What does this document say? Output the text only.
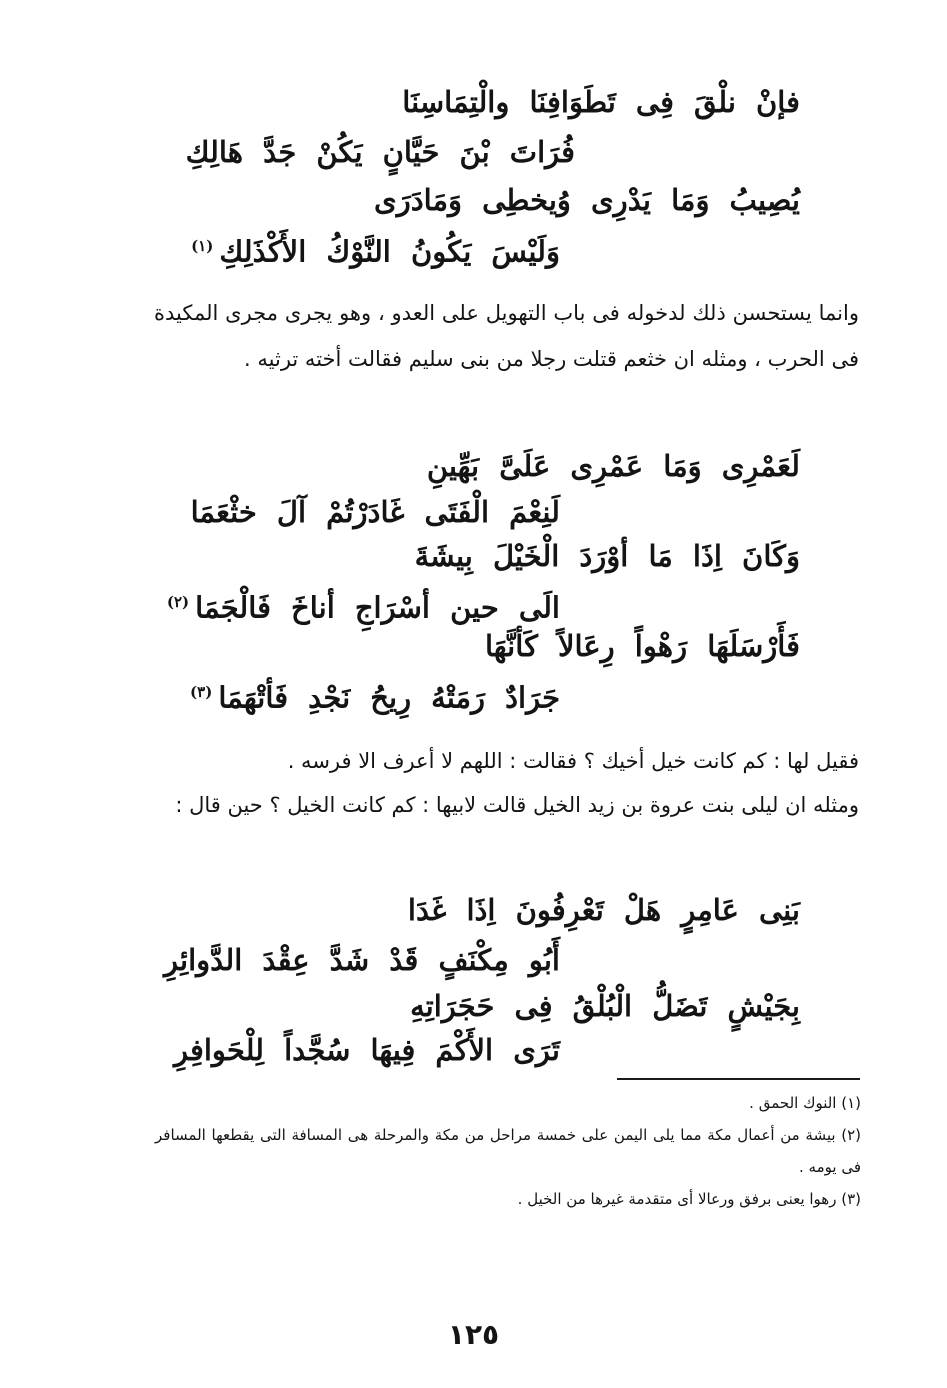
فإنْ نلْقَ فِى تَطَوَافِنَا والْتِمَاسِنَا
فُرَاتَ بْنَ حَيَّانٍ يَكُنْ جَدَّ هَالِكِ
يُصِيبُ وَمَا يَدْرِى وُيخطِى وَمَادَرَى
وَلَيْسَ يَكُونُ النَّوْكُ الأَكْذَلِكِ$^{(١)}$
وانما يستحسن ذلك لدخوله فى باب التهويل على العدو ، وهو يجرى مجرى المكيدة فى الحرب ، ومثله ان خثعم قتلت رجلا من بنى سليم فقالت أخته ترثيه .
لَعَمْرِى وَمَا عَمْرِى عَلَىَّ بَهِّينِ
لَنِعْمَ الْفَتَى غَادَرْتُمْ آلَ خثْعَمَا
وَكَانَ اِذَا مَا أوْرَدَ الْخَيْلَ بِيشَةَ
الَى حين أسْرَاجِ أناخَ فَالْجَمَا$^{(٢)}$
فَأَرْسَلَهَا رَهْواً رِعَالاً كَأنَّهَا
جَرَادٌ رَمَتْهُ رِيحُ نَجْدِ فَأتْهَمَا$^{(٣)}$
فقيل لها : كم كانت خيل أخيك ؟ فقالت : اللهم لا أعرف الا فرسه .
ومثله ان ليلى بنت عروة بن زيد الخيل قالت لابيها : كم كانت الخيل ؟ حين قال :
بَنِى عَامِرٍ هَلْ تَعْرِفُونَ اِذَا غَدَا
أَبُو مِكْنَفٍ قَدْ شَدَّ عِقْدَ الدَّوائِرِ
بِجَيْشٍ تَضَلُّ الْبُلْقُ فِى حَجَرَاتِهِ
تَرَى الأَكْمَ فِيهَا سُجَّداً لِلْحَوافِرِ

(١) النوك الحمق .

(٢) بيشة من أعمال مكة مما يلى اليمن على خمسة مراحل من مكة والمرحلة هى المسافة التى يقطعها المسافر فى يومه .

(٣) رهوا يعنى برفق ورعالا أى متقدمة غيرها من الخيل .

١٢٥
